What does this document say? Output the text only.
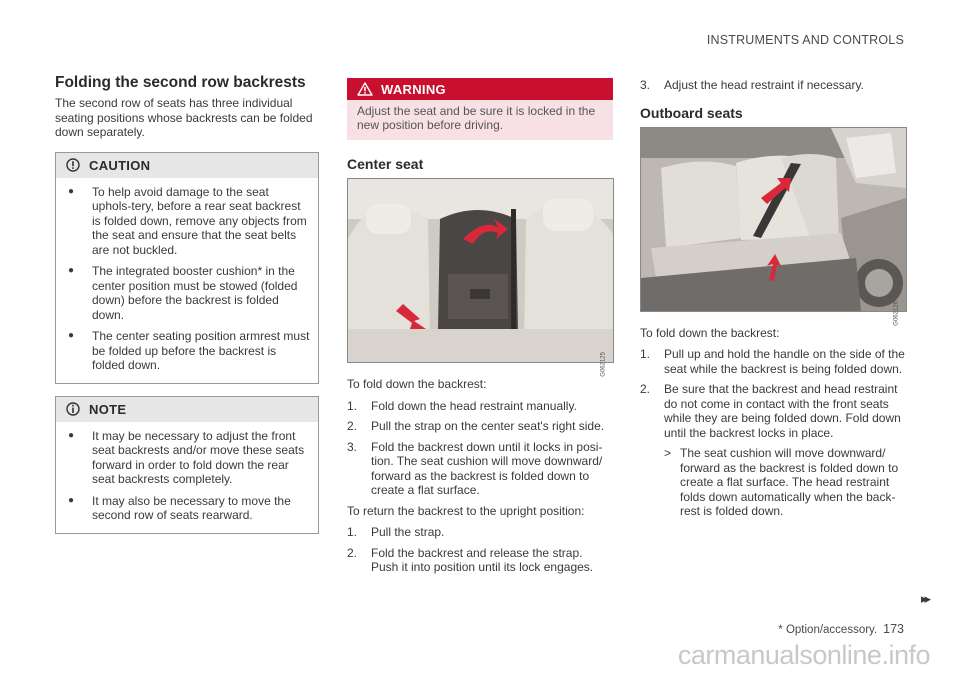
INSTRUMENTS AND CONTROLS
Folding the second row backrests

The second row of seats has three individual seating positions whose backrests can be folded down separately.

CAUTION
●	To help avoid damage to the seat uphols-tery, before a rear seat backrest is folded down, remove any objects from the seat and ensure that the seat belts are not buckled.
●	The integrated booster cushion* in the center position must be stowed (folded down) before the backrest is folded down.
●	The center seating position armrest must be folded up before the backrest is folded down.
NOTE
●	It may be necessary to adjust the front seat backrests and/or move these seats forward in order to fold down the rear seat backrests completely.
●	It may also be necessary to move the second row of seats rearward.
WARNING
Adjust the seat and be sure it is locked in the new position before driving.
Center seat
G062125

To fold down the backrest:

1.	Fold down the head restraint manually.
2.	Pull the strap on the center seat's right side.
3.	Fold the backrest down until it locks in posi-tion. The seat cushion will move downward/ forward as the backrest is folded down to create a flat surface.

To return the backrest to the upright position:

1.	Pull the strap.
2.	Fold the backrest and release the strap. Push it into position until its lock engages.
3.	Adjust the head restraint if necessary.
Outboard seats
G062126

To fold down the backrest:

1.	Pull up and hold the handle on the side of the seat while the backrest is being folded down.
2.	Be sure that the backrest and head restraint do not come in contact with the front seats while they are being folded down. Fold down until the backrest locks in place.
> The seat cushion will move downward/ forward as the backrest is folded down to create a flat surface. The head restraint folds down automatically when the back-rest is folded down.
▸▸
* Option/accessory. 173
carmanualsonline.info
